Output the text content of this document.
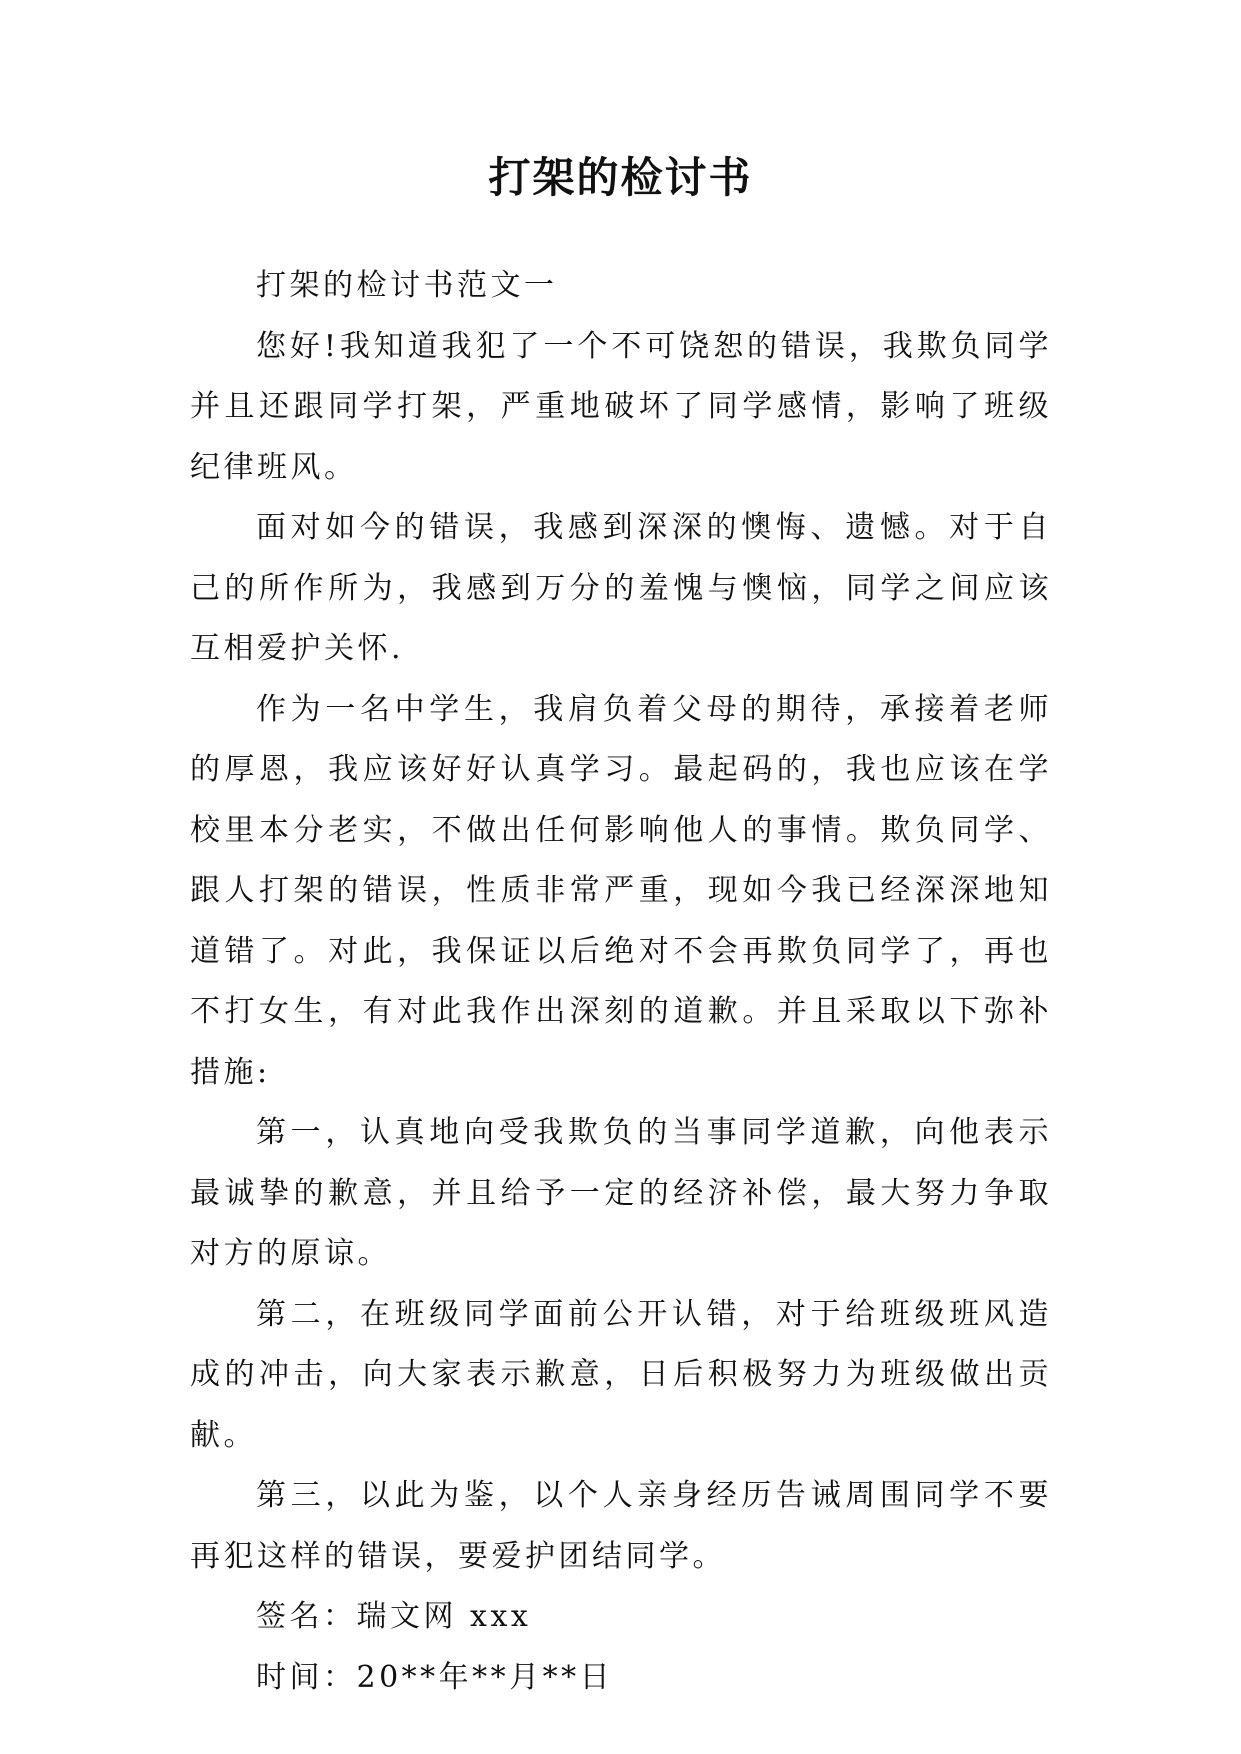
打架的检讨书

打架的检讨书范文一

您好!我知道我犯了一个不可饶恕的错误，我欺负同学并且还跟同学打架，严重地破坏了同学感情，影响了班级纪律班风。

面对如今的错误，我感到深深的懊悔、遗憾。对于自己的所作所为，我感到万分的羞愧与懊恼，同学之间应该互相爱护关怀.

作为一名中学生，我肩负着父母的期待，承接着老师的厚恩，我应该好好认真学习。最起码的，我也应该在学校里本分老实，不做出任何影响他人的事情。欺负同学、跟人打架的错误，性质非常严重，现如今我已经深深地知道错了。对此，我保证以后绝对不会再欺负同学了，再也不打女生，有对此我作出深刻的道歉。并且采取以下弥补措施:

第一，认真地向受我欺负的当事同学道歉，向他表示最诚挚的歉意，并且给予一定的经济补偿，最大努力争取对方的原谅。

第二，在班级同学面前公开认错，对于给班级班风造成的冲击，向大家表示歉意，日后积极努力为班级做出贡献。

第三，以此为鉴，以个人亲身经历告诫周围同学不要再犯这样的错误，要爱护团结同学。

签名：瑞文网 xxx

时间：20**年**月**日
